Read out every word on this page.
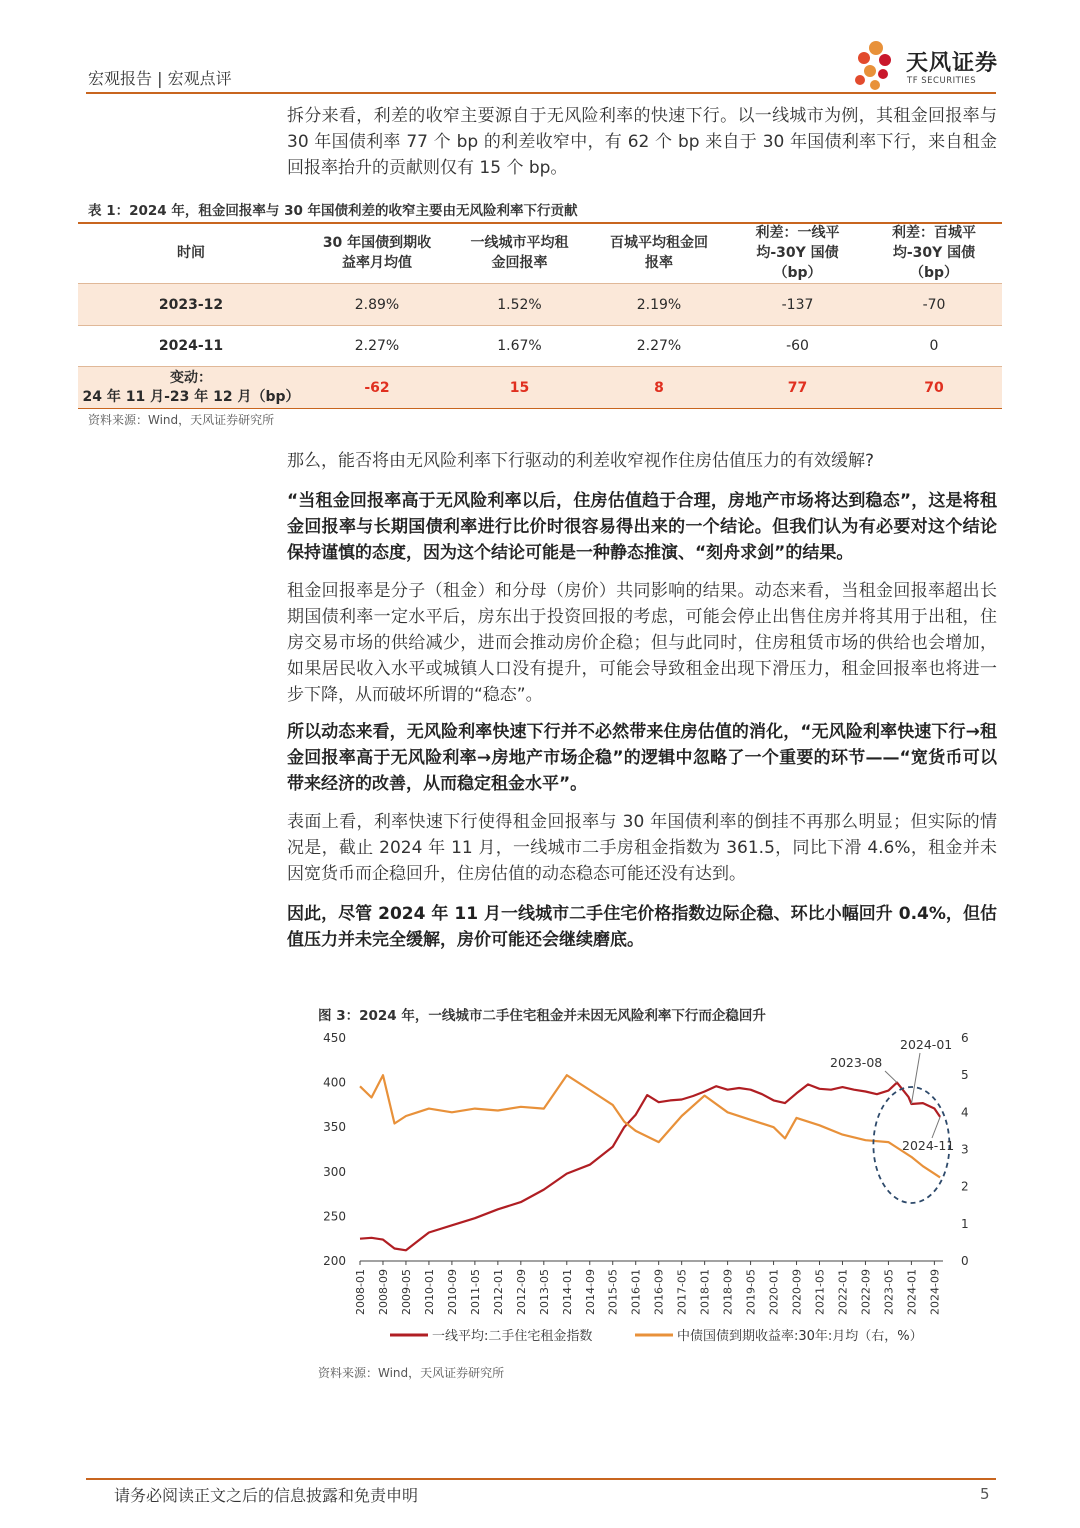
宏观报告 | 宏观点评
天风证券
TF SECURITIES
拆分来看，利差的收窄主要源自于无风险利率的快速下行。以一线城市为例，其租金回报率与 30 年国债利率 77 个 bp 的利差收窄中，有 62 个 bp 来自于 30 年国债利率下行，来自租金回报率抬升的贡献则仅有 15 个 bp。
表 1：2024 年，租金回报率与 30 年国债利差的收窄主要由无风险利率下行贡献
时间	30 年国债到期收益率月均值	一线城市平均租金回报率	百城平均租金回报率	利差：一线平均-30Y 国债（bp）	利差：百城平均-30Y 国债（bp）
2023-12	2.89%	1.52%	2.19%	-137	-70
2024-11	2.27%	1.67%	2.27%	-60	0

变动：
24 年 11 月-23 年 12 月（bp）	-62	15	8	77	70
资料来源：Wind，天风证券研究所
那么，能否将由无风险利率下行驱动的利差收窄视作住房估值压力的有效缓解?
“当租金回报率高于无风险利率以后，住房估值趋于合理，房地产市场将达到稳态”，这是将租金回报率与长期国债利率进行比价时很容易得出来的一个结论。但我们认为有必要对这个结论保持谨慎的态度，因为这个结论可能是一种静态推演、“刻舟求剑”的结果。
租金回报率是分子（租金）和分母（房价）共同影响的结果。动态来看，当租金回报率超出长期国债利率一定水平后，房东出于投资回报的考虑，可能会停止出售住房并将其用于出租，住房交易市场的供给减少，进而会推动房价企稳；但与此同时，住房租赁市场的供给也会增加，如果居民收入水平或城镇人口没有提升，可能会导致租金出现下滑压力，租金回报率也将进一步下降，从而破坏所谓的“稳态”。
所以动态来看，无风险利率快速下行并不必然带来住房估值的消化，“无风险利率快速下行→租金回报率高于无风险利率→房地产市场企稳”的逻辑中忽略了一个重要的环节——“宽货币可以带来经济的改善，从而稳定租金水平”。
表面上看，利率快速下行使得租金回报率与 30 年国债利率的倒挂不再那么明显；但实际的情况是，截止 2024 年 11 月，一线城市二手房租金指数为 361.5，同比下滑 4.6%，租金并未因宽货币而企稳回升，住房估值的动态稳态可能还没有达到。
因此，尽管 2024 年 11 月一线城市二手住宅价格指数边际企稳、环比小幅回升 0.4%，但估值压力并未完全缓解，房价可能还会继续磨底。
图 3：2024 年，一线城市二手住宅租金并未因无风险利率下行而企稳回升
450
400
350
300
250
200
6
5
4
3
2
1
0
2008-01 2008-09 2009-05 2010-01 2010-09 2011-05 2012-01 2012-09 2013-05 2014-01 2014-09 2015-05 2016-01 2016-09 2017-05 2018-01 2018-09 2019-05 2020-01 2020-09 2021-05 2022-01 2022-09 2023-05 2024-01 2024-09
2024-01
2023-08
2024-11
一线平均:二手住宅租金指数	中债国债到期收益率:30年:月均（右，%）
资料来源：Wind，天风证券研究所
请务必阅读正文之后的信息披露和免责申明	5
